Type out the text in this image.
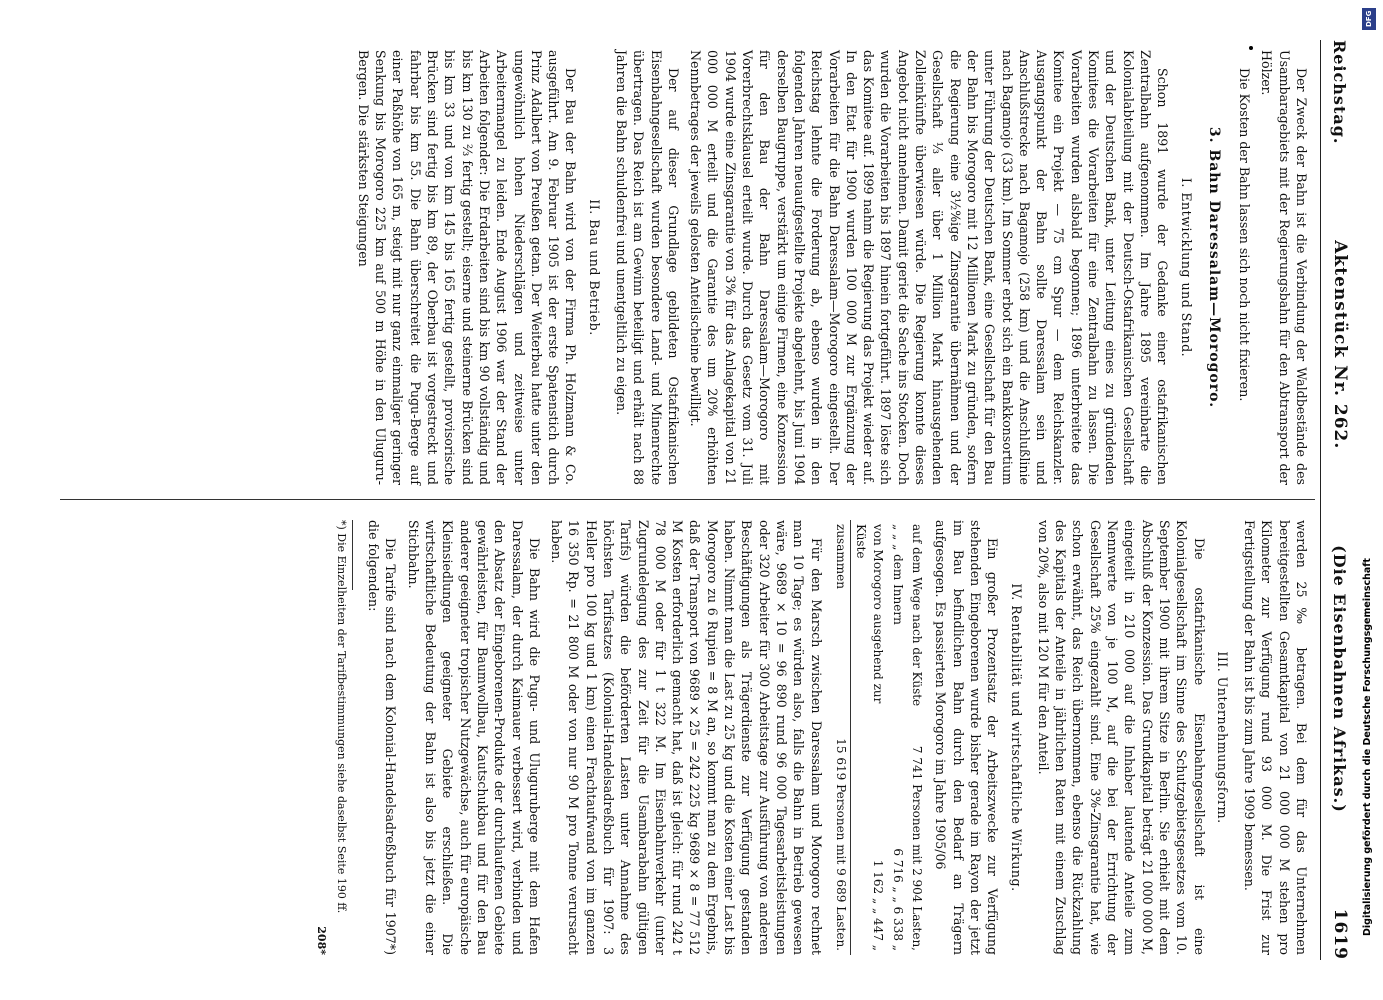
Reichstag.
Aktenstück Nr. 262.
(Die Eisenbahnen Afrikas.)
1619

Der Zweck der Bahn ist die Verbindung der Waldbestände des Usambaragebiets mit der Regierungsbahn für den Abtransport der Hölzer.

Die Kosten der Bahn lassen sich noch nicht fixieren.

3. Bahn Daressalam—Morogoro.
I. Entwicklung und Stand.

Schon 1891 wurde der Gedanke einer ostafrikanischen Zentralbahn aufgenommen. Im Jahre 1895 vereinbarte die Kolonialabteilung mit der Deutsch-Ostafrikanischen Gesellschaft und der Deutschen Bank, unter Leitung eines zu gründenden Komitees die Vorarbeiten für eine Zentralbahn zu lassen. Die Vorarbeiten wurden alsbald begonnen; 1896 unterbreitete das Komitee ein Projekt — 75 cm Spur — dem Reichskanzler. Ausgangspunkt der Bahn sollte Daressalam sein und Anschlußstrecke nach Bagamojo (258 km) und die Anschlußlinie nach Bagamojo (33 km). Im Sommer erbot sich ein Bankkonsortium unter Führung der Deutschen Bank, eine Gesellschaft für den Bau der Bahn bis Morogoro mit 12 Millionen Mark zu gründen, sofern die Regierung eine 3½%ige Zinsgarantie übernähmen und der Gesellschaft ⅓ aller über 1 Million Mark hinausgehenden Zolleinkünfte überwiesen würde. Die Regierung konnte dieses Angebot nicht annehmen. Damit geriet die Sache ins Stocken. Doch wurden die Vorarbeiten bis 1897 hinein fortgeführt. 1897 löste sich das Komitee auf. 1899 nahm die Regierung das Projekt wieder auf. In den Etat für 1900 wurden 100 000 M zur Ergänzung der Vorarbeiten für die Bahn Daressalam—Morogoro eingestellt. Der Reichstag lehnte die Forderung ab, ebenso wurden in den folgenden Jahren neuaufgestellte Projekte abgelehnt, bis Juni 1904 derselben Baugruppe, verstärkt um einige Firmen, eine Konzession für den Bau der Bahn Daressalam—Morogoro mit Vorerbrechtsklausel erteilt wurde. Durch das Gesetz vom 31. Juli 1904 wurde eine Zinsgarantie von 3% für das Anlagekapital von 21 000 000 M erteilt und die Garantie des um 20% erhöhten Nennbetrages der jeweils gelosten Anteilscheine bewilligt.

Der auf dieser Grundlage gebildeten Ostafrikanischen Eisenbahngesellschaft wurden besondere Land- und Minenrechte übertragen. Das Reich ist am Gewinn beteiligt und erhält nach 88 Jahren die Bahn schuldenfrei und unentgeltlich zu eigen.

II. Bau und Betrieb.

Der Bau der Bahn wird von der Firma Ph. Holzmann & Co. ausgeführt. Am 9. Februar 1905 ist der erste Spatenstich durch Prinz Adalbert von Preußen getan. Der Weiterbau hatte unter den ungewöhnlich hohen Niederschlägen und zeitweise unter Arbeitermangel zu leiden. Ende August 1906 war der Stand der Arbeiten folgender: Die Erdarbeiten sind bis km 90 vollständig und bis km 130 zu ⅔ fertig gestellt; eiserne und steinerne Brücken sind bis km 33 und von km 145 bis 165 fertig gestellt, provisorische Brücken sind fertig bis km 89, der Oberbau ist vorgestreckt und fahrbar bis km 55. Die Bahn überschreitet die Pugu-Berge auf einer Paßhöhe von 165 m, steigt mit nur ganz einmaliger geringer Senkung bis Morogoro 225 km auf 500 m Höhe in den Uluguru-Bergen. Die stärksten Steigungen

werden 25‰ betragen. Bei dem für das Unternehmen bereitgestellten Gesamtkapital von 21 000 000 M stehen pro Kilometer zur Verfügung rund 93 000 M. Die Frist zur Fertigstellung der Bahn ist bis zum Jahre 1909 bemessen.

III. Unternehmungsform.

Die ostafrikanische Eisenbahngesellschaft ist eine Kolonialgesellschaft im Sinne des Schutzgebietsgesetzes vom 10. September 1900 mit ihrem Sitze in Berlin. Sie erhielt mit dem Abschluß der Konzession. Das Grundkapital beträgt 21 000 000 M, eingeteilt in 210 000 auf die Inhaber lautende Anteile zum Nennwerte von je 100 M, auf die bei der Errichtung der Gesellschaft 25% eingezahlt sind. Eine 3%-Zinsgarantie hat, wie schon erwähnt, das Reich übernommen, ebenso die Rückzahlung des Kapitals der Anteile in jährlichen Raten mit einem Zuschlag von 20%, also mit 120 M für den Anteil.

IV. Rentabilität und wirtschaftliche Wirkung.

Ein großer Prozentsatz der Arbeitszwecke zur Verfügung stehenden Eingeborenen wurde bisher gerade im Rayon der jetzt im Bau befindlichen Bahn durch den Bedarf an Trägern aufgesogen. Es passierten Morogoro im Jahre 1905/06

auf dem Wege nach der Küste	7 741 Personen mit 2 904 Lasten,
„ „ „ dem Innern	6 716 „ „ 6 338 „
von Morogoro ausgehend zur Küste	1 162 „ „ 447 „
zusammen	15 619 Personen mit 9 689 Lasten.

Für den Marsch zwischen Daressalam und Morogoro rechnet man 10 Tage; es würden also, falls die Bahn in Betrieb gewesen wäre, 9689 × 10 = 96 890 rund 96 000 Tagesarbeitsleistungen oder 320 Arbeiter für 300 Arbeitstage zur Ausführung von anderen Beschäftigungen als Trägerdienste zur Verfügung gestanden haben. Nimmt man die Last zu 25 kg und die Kosten einer Last bis Morogoro zu 6 Rupien = 8 M an, so kommt man zu dem Ergebnis, daß der Transport von 9689 × 25 = 242 225 kg 9689 × 8 = 77 512 M Kosten erforderlich gemacht hat, daß ist gleich: für rund 242 t 78 000 M oder für 1 t 322 M. Im Eisenbahnverkehr (unter Zugrundelegung des zur Zeit für die Usambarabahn gültigen Tarifs) würden die beförderten Lasten unter Annahme des höchsten Tarifsatzes (Kolonial-Handelsadreßbuch für 1907: 3 Heller pro 100 kg und 1 km) einen Frachtaufwand von im ganzen 16 350 Rp. = 21 800 M oder von nur 90 M pro Tonne verursacht haben.

Die Bahn wird die Pugu- und Uluguruberge mit dem Hafen Daressalam, der durch Kaimauer verbessert wird, verbinden und den Absatz der Eingeborenen-Produkte der durchlaufenen Gebiete gewährleisten, für Baumwollbau, Kautschukbau und für den Bau anderer geeigneter tropischer Nutzgewächse, auch für europäische Kleinsiedlungen geeigneter Gebiete erschließen. Die wirtschaftliche Bedeutung der Bahn ist also bis jetzt die einer Stichbahn.

Die Tarife sind nach dem Kolonial-Handelsadreßbuch für 1907*) die folgenden:

*) Die Einzelheiten der Tarifbestimmungen siehe daselbst Seite 190 ff.
208*
DFG
Digitalisierung gefördert durch die Deutsche Forschungsgemeinschaft
